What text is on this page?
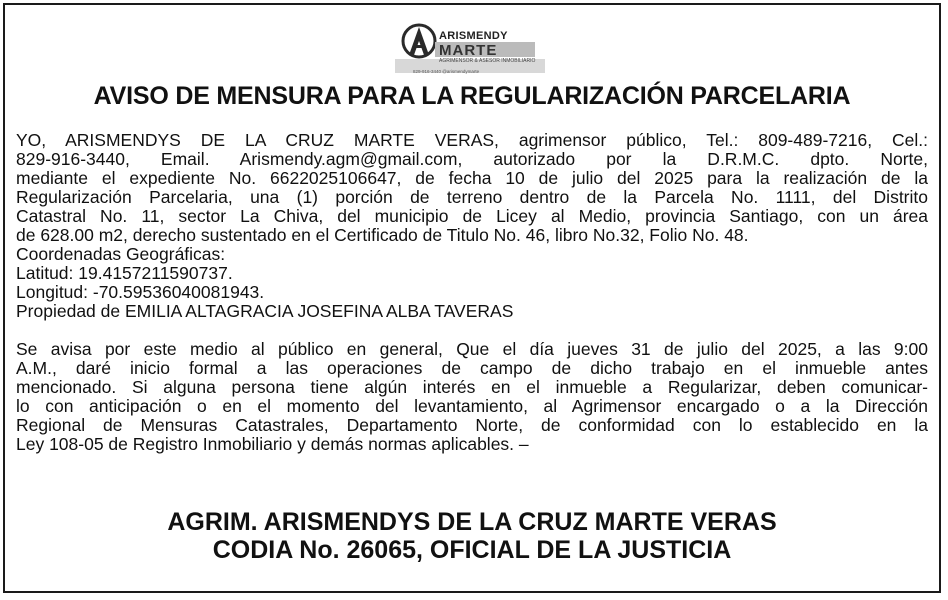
ARISMENDY
MARTE
AGRIMENSOR & ASESOR INMOBILIARIO
829-916-3440 @arismendymarte
AVISO DE MENSURA PARA LA REGULARIZACIÓN PARCELARIA
YO, ARISMENDYS DE LA CRUZ MARTE VERAS, agrimensor público, Tel.: 809-489-7216, Cel.:
829-916-3440, Email. Arismendy.agm@gmail.com, autorizado por la D.R.M.C. dpto. Norte,
mediante el expediente No. 6622025106647, de fecha 10 de julio del 2025 para la realización de la
Regularización Parcelaria, una (1) porción de terreno dentro de la Parcela No. 1111, del Distrito
Catastral No. 11, sector La Chiva, del municipio de Licey al Medio, provincia Santiago, con un área
de 628.00 m2, derecho sustentado en el Certificado de Titulo No. 46, libro No.32, Folio No. 48.
Coordenadas Geográficas:
Latitud: 19.4157211590737.
Longitud: -70.59536040081943.
Propiedad de EMILIA ALTAGRACIA JOSEFINA ALBA TAVERAS
Se avisa por este medio al público en general, Que el día jueves 31 de julio del 2025, a las 9:00
A.M., daré inicio formal a las operaciones de campo de dicho trabajo en el inmueble antes
mencionado. Si alguna persona tiene algún interés en el inmueble a Regularizar, deben comunicar-
lo con anticipación o en el momento del levantamiento, al Agrimensor encargado o a la Dirección
Regional de Mensuras Catastrales, Departamento Norte, de conformidad con lo establecido en la
Ley 108-05 de Registro Inmobiliario y demás normas aplicables. –
AGRIM. ARISMENDYS DE LA CRUZ MARTE VERAS
CODIA No. 26065, OFICIAL DE LA JUSTICIA
